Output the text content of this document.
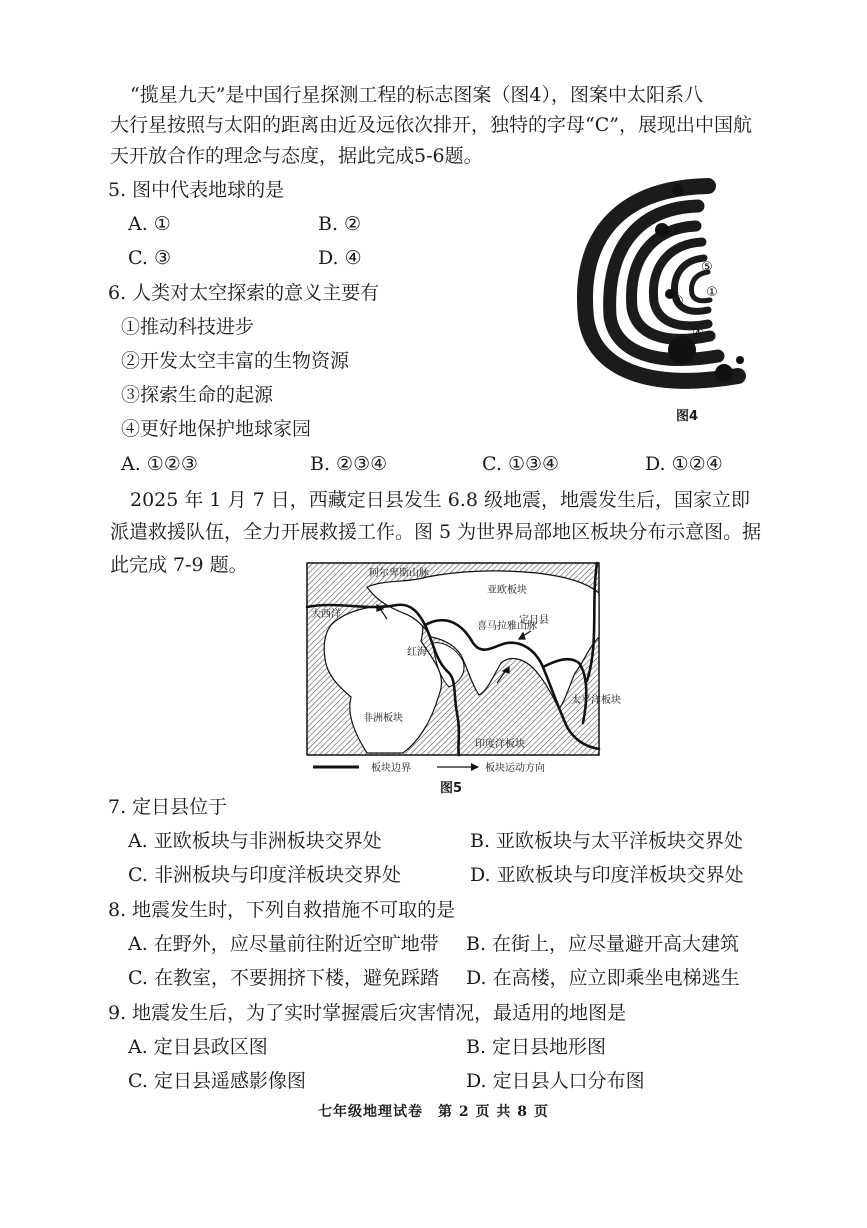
“揽星九天”是中国行星探测工程的标志图案（图4），图案中太阳系八
大行星按照与太阳的距离由近及远依次排开，独特的字母“C”，展现出中国航
天开放合作的理念与态度，据此完成5-6题。
5. 图中代表地球的是
A. ①	B. ②
C. ③	D. ④
6. 人类对太空探索的意义主要有
①推动科技进步
②开发太空丰富的生物资源
③探索生命的起源
④更好地保护地球家园
A. ①②③	B. ②③④	C. ①③④	D. ①②④
③
①
②
④
⑤
图4
2025 年 1 月 7 日，西藏定日县发生 6.8 级地震，地震发生后，国家立即
派遣救援队伍，全力开展救援工作。图 5 为世界局部地区板块分布示意图。据
此完成 7-9 题。	阿尔卑斯山脉
亚欧板块
定日县
喜马拉雅山脉
大西洋
红海
非洲板块
印度洋板块
太平洋板块
板块边界	板块运动方向
图5
7. 定日县位于
A. 亚欧板块与非洲板块交界处	B. 亚欧板块与太平洋板块交界处
C. 非洲板块与印度洋板块交界处	D. 亚欧板块与印度洋板块交界处
8. 地震发生时，下列自救措施不可取的是
A. 在野外，应尽量前往附近空旷地带 B. 在街上，应尽量避开高大建筑
C. 在教室，不要拥挤下楼，避免踩踏 D. 在高楼，应立即乘坐电梯逃生
9. 地震发生后，为了实时掌握震后灾害情况，最适用的地图是
A. 定日县政区图	B. 定日县地形图
C. 定日县遥感影像图	D. 定日县人口分布图
七年级地理试卷　第 2 页 共 8 页
